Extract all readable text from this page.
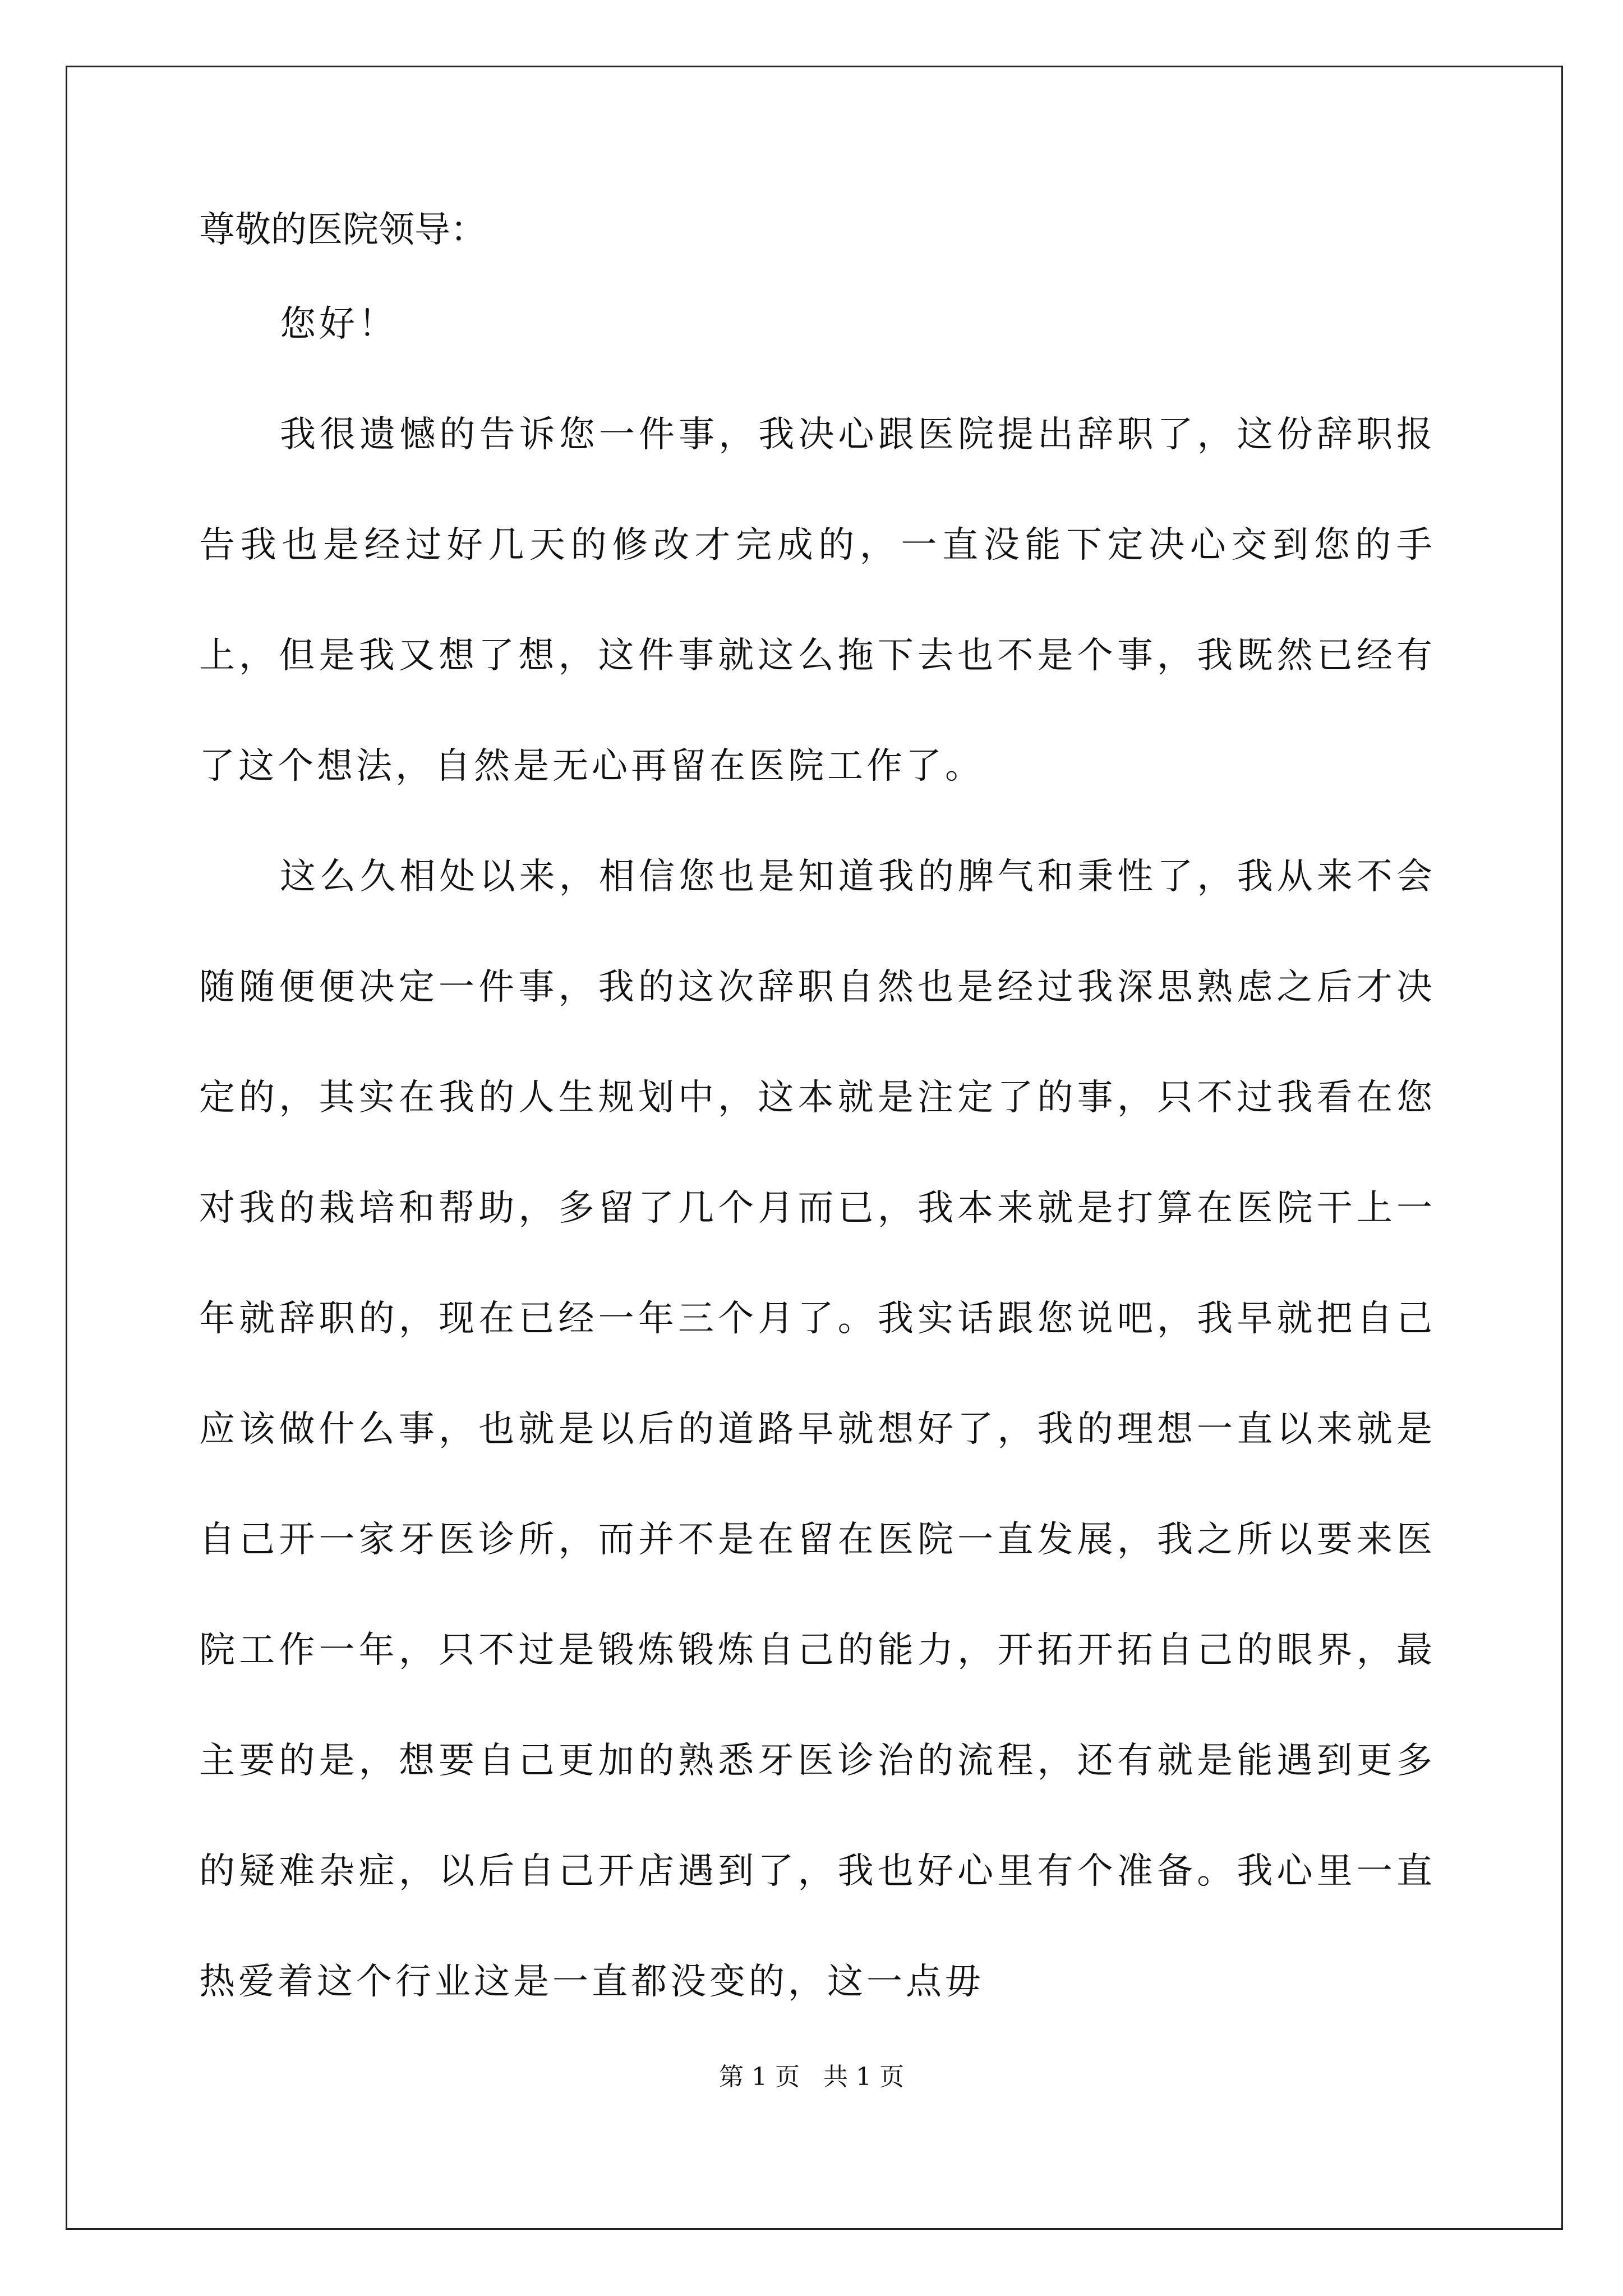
尊敬的医院领导：

您好！

我很遗憾的告诉您一件事，我决心跟医院提出辞职了，这份辞职报告我也是经过好几天的修改才完成的，一直没能下定决心交到您的手上，但是我又想了想，这件事就这么拖下去也不是个事，我既然已经有了这个想法，自然是无心再留在医院工作了。

这么久相处以来，相信您也是知道我的脾气和秉性了，我从来不会随随便便决定一件事，我的这次辞职自然也是经过我深思熟虑之后才决定的，其实在我的人生规划中，这本就是注定了的事，只不过我看在您对我的栽培和帮助，多留了几个月而已，我本来就是打算在医院干上一年就辞职的，现在已经一年三个月了。我实话跟您说吧，我早就把自己应该做什么事，也就是以后的道路早就想好了，我的理想一直以来就是自己开一家牙医诊所，而并不是在留在医院一直发展，我之所以要来医院工作一年，只不过是锻炼锻炼自己的能力，开拓开拓自己的眼界，最主要的是，想要自己更加的熟悉牙医诊治的流程，还有就是能遇到更多的疑难杂症，以后自己开店遇到了，我也好心里有个准备。我心里一直热爱着这个行业这是一直都没变的，这一点毋

第 1 页   共 1 页
